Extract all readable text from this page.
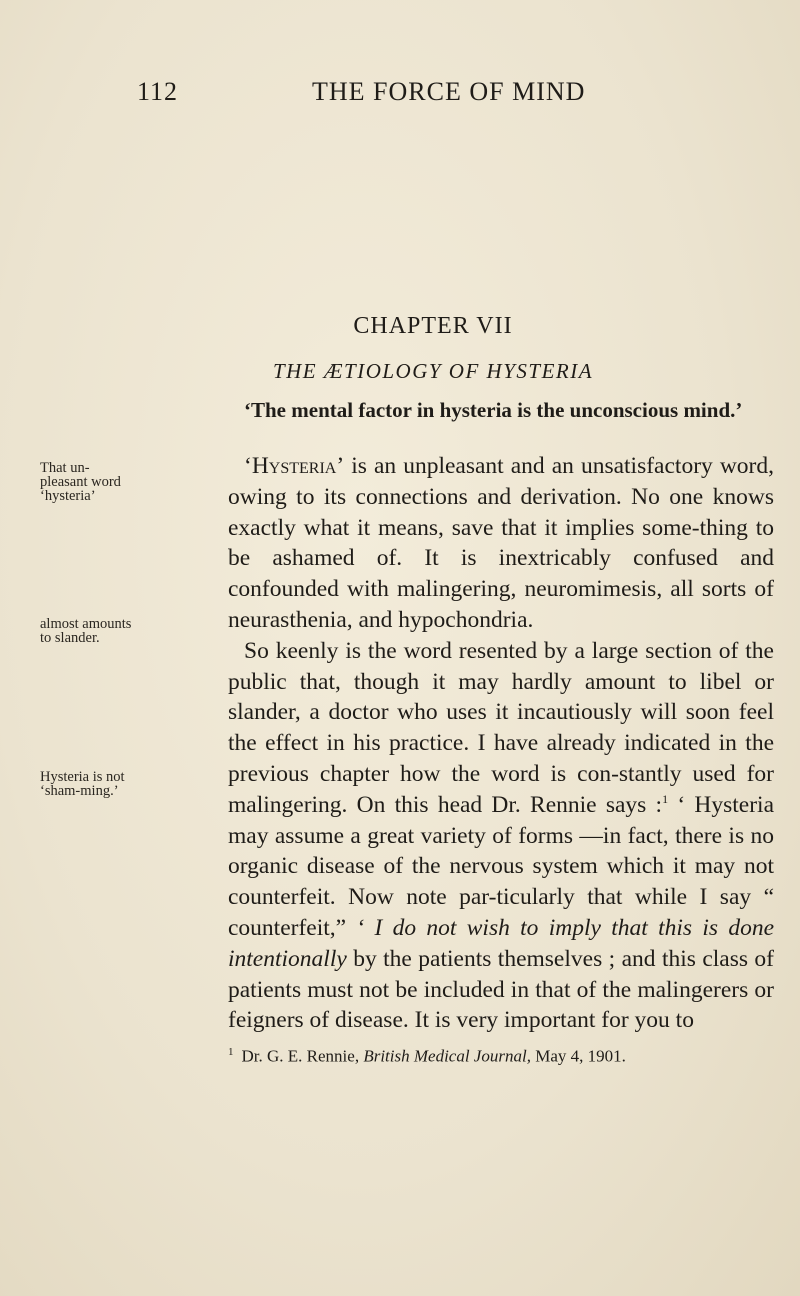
112	THE FORCE OF MIND
CHAPTER VII
THE ÆTIOLOGY OF HYSTERIA
‘The mental factor in hysteria is the unconscious mind.’
That un-pleasant word ‘hysteria’
almost amounts to slander.
Hysteria is not ‘sham-ming.’

‘Hysteria’ is an unpleasant and an unsatisfactory word, owing to its connections and derivation. No one knows exactly what it means, save that it implies some-thing to be ashamed of. It is inextricably confused and confounded with malingering, neuromimesis, all sorts of neurasthenia, and hypochondria.

So keenly is the word resented by a large section of the public that, though it may hardly amount to libel or slander, a doctor who uses it incautiously will soon feel the effect in his practice. I have already indicated in the previous chapter how the word is con-stantly used for malingering. On this head Dr. Rennie says :$^1$ ‘ Hysteria may assume a great variety of forms —in fact, there is no organic disease of the nervous system which it may not counterfeit. Now note par-ticularly that while I say “ counterfeit,” ‘ I do not wish to imply that this is done intentionally by the patients themselves ; and this class of patients must not be included in that of the malingerers or feigners of disease. It is very important for you to

$^1$ Dr. G. E. Rennie, British Medical Journal, May 4, 1901.
